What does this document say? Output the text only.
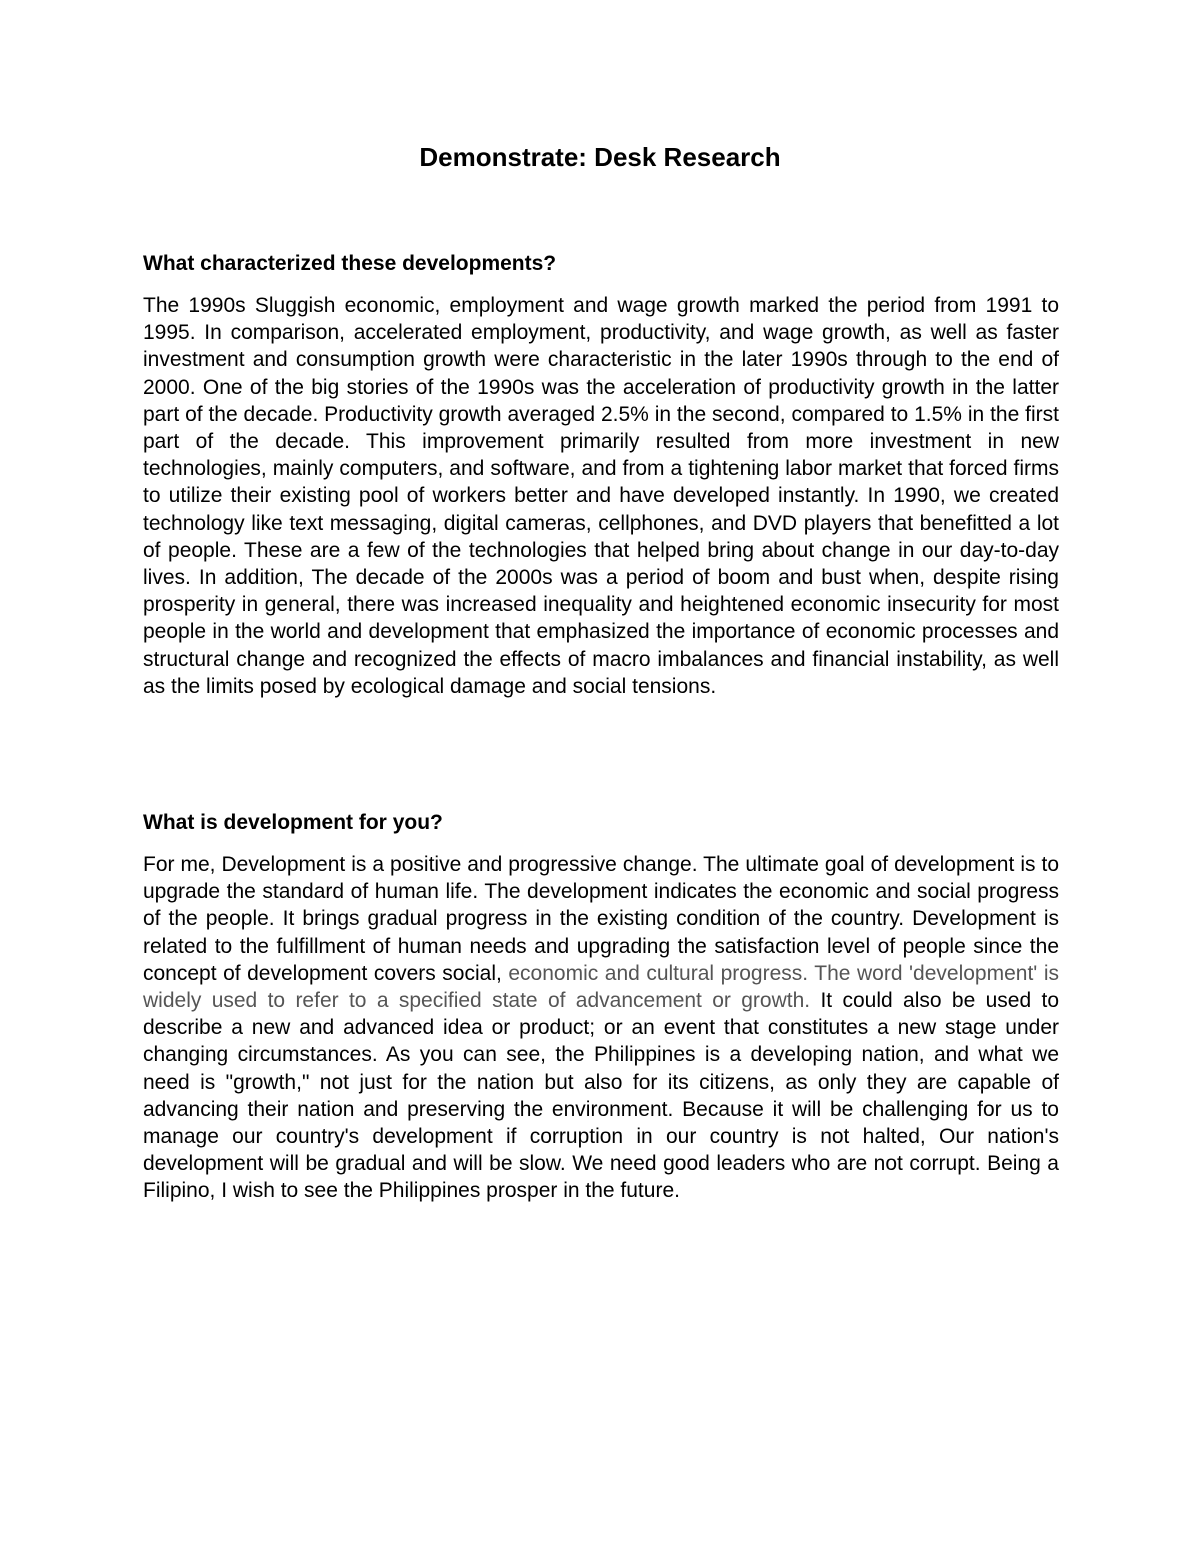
Demonstrate: Desk Research
What characterized these developments?

The 1990s Sluggish economic, employment and wage growth marked the period from 1991 to 1995. In comparison, accelerated employment, productivity, and wage growth, as well as faster investment and consumption growth were characteristic in the later 1990s through to the end of 2000. One of the big stories of the 1990s was the acceleration of productivity growth in the latter part of the decade. Productivity growth averaged 2.5% in the second, compared to 1.5% in the first part of the decade. This improvement primarily resulted from more investment in new technologies, mainly computers, and software, and from a tightening labor market that forced firms to utilize their existing pool of workers better and have developed instantly. In 1990, we created technology like text messaging, digital cameras, cellphones, and DVD players that benefitted a lot of people. These are a few of the technologies that helped bring about change in our day-to-day lives. In addition, The decade of the 2000s was a period of boom and bust when, despite rising prosperity in general, there was increased inequality and heightened economic insecurity for most people in the world and development that emphasized the importance of economic processes and structural change and recognized the effects of macro imbalances and financial instability, as well as the limits posed by ecological damage and social tensions.

What is development for you?

For me, Development is a positive and progressive change. The ultimate goal of development is to upgrade the standard of human life. The development indicates the economic and social progress of the people. It brings gradual progress in the existing condition of the country. Development is related to the fulfillment of human needs and upgrading the satisfaction level of people since the concept of development covers social, economic and cultural progress. The word 'development' is widely used to refer to a specified state of advancement or growth. It could also be used to describe a new and advanced idea or product; or an event that constitutes a new stage under changing circumstances. As you can see, the Philippines is a developing nation, and what we need is "growth," not just for the nation but also for its citizens, as only they are capable of advancing their nation and preserving the environment. Because it will be challenging for us to manage our country's development if corruption in our country is not halted, Our nation's development will be gradual and will be slow. We need good leaders who are not corrupt. Being a Filipino, I wish to see the Philippines prosper in the future.
